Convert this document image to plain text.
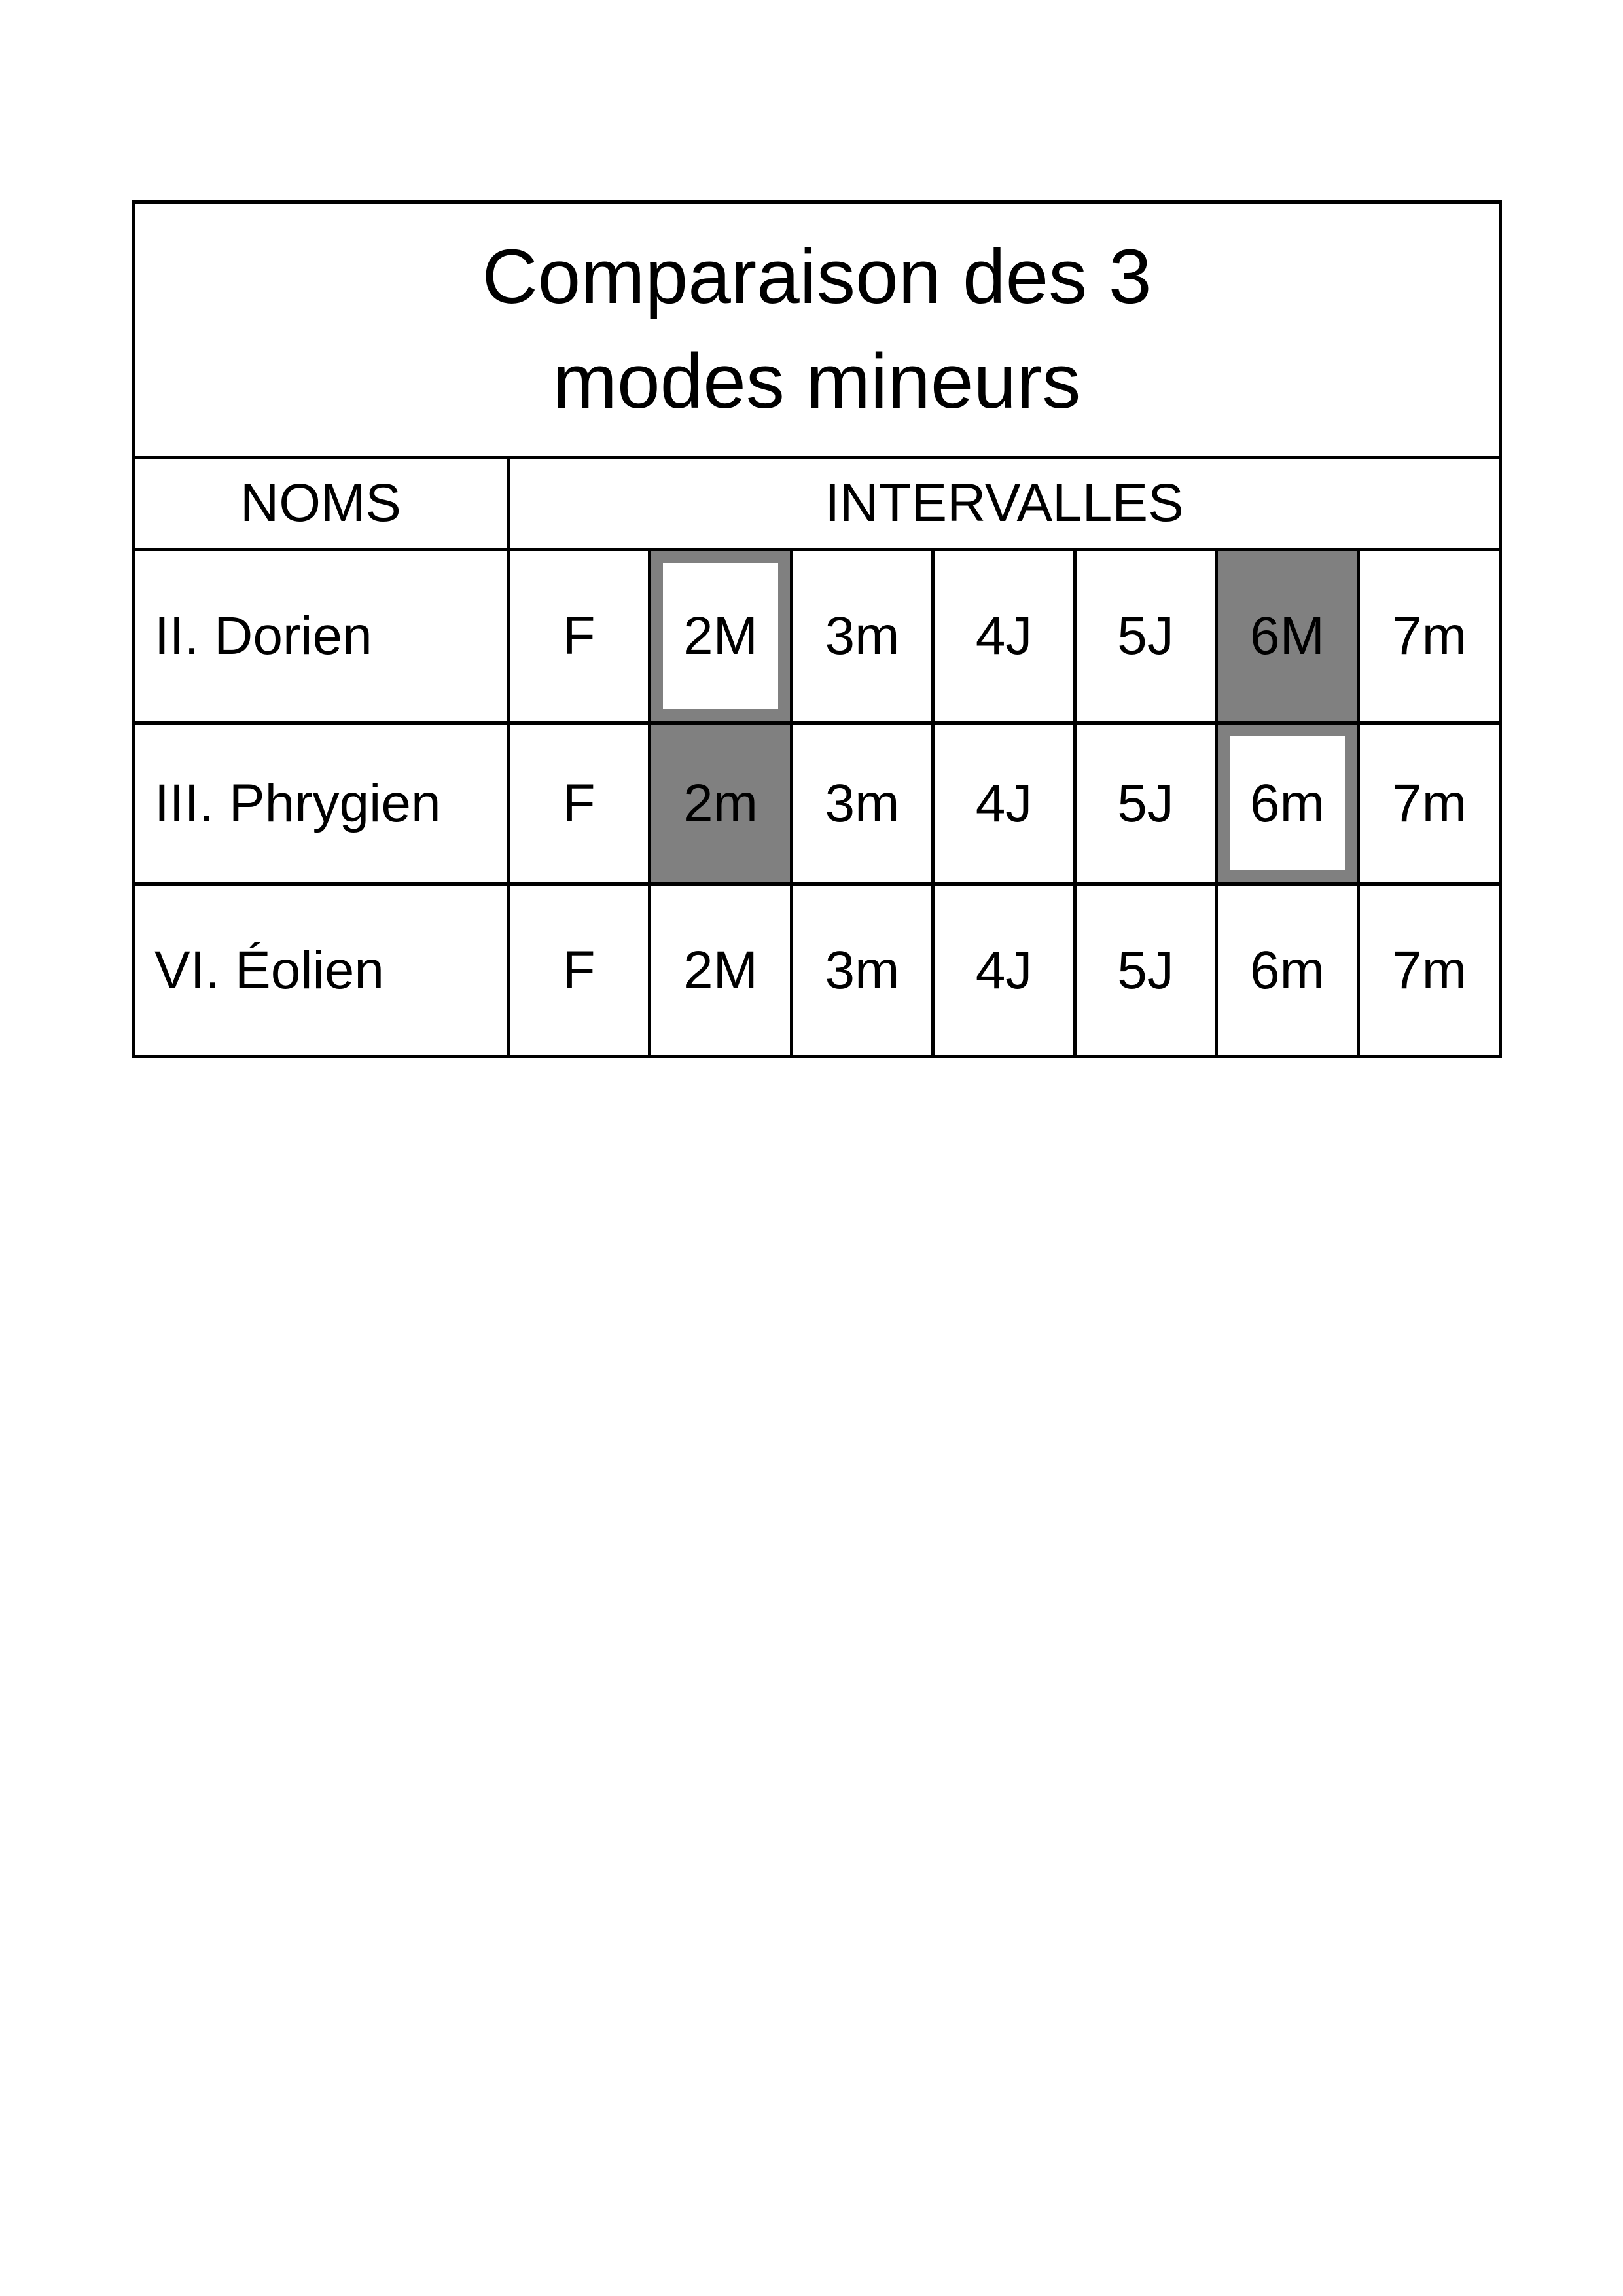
Comparaison des 3
modes mineurs							

NOMS	INTERVALLES						
II. Dorien	F	2M	3m	4J	5J	6M	7m
III. Phrygien	F	2m	3m	4J	5J	6m	7m
VI. Éolien	F	2M	3m	4J	5J	6m	7m
